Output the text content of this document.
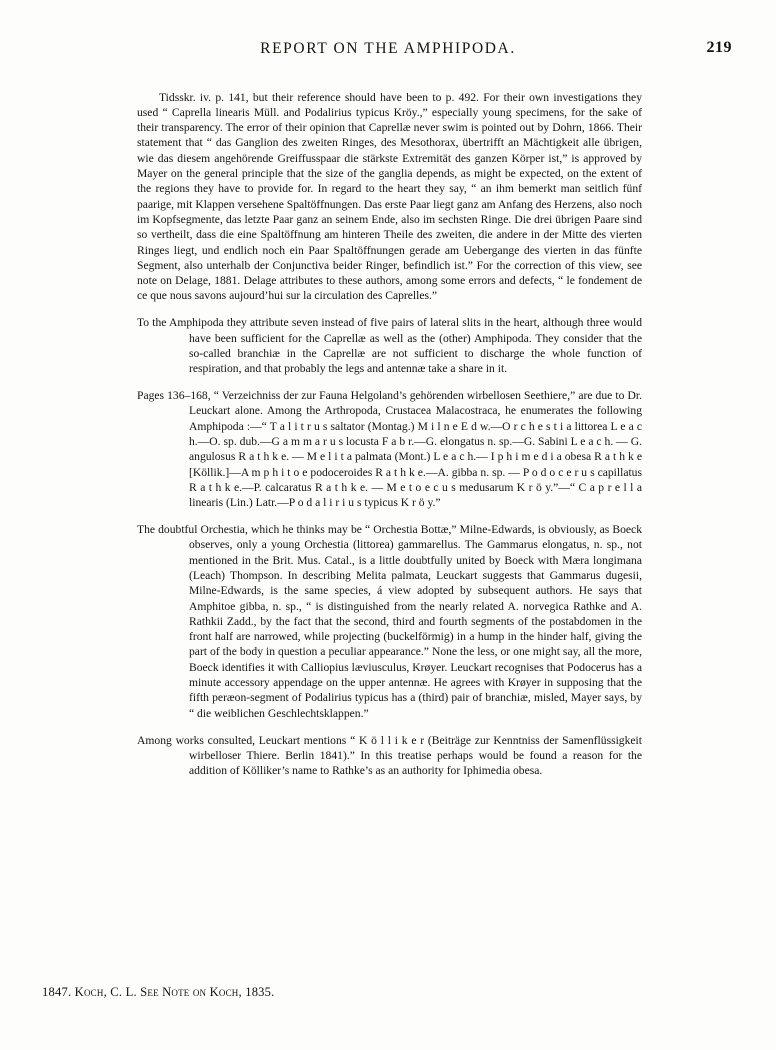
REPORT ON THE AMPHIPODA.	219

Tidsskr. iv. p. 141, but their reference should have been to p. 492. For their own investigations they used “ Caprella linearis Müll. and Podalirius typicus Kröy.,” especially young specimens, for the sake of their transparency. The error of their opinion that Caprellæ never swim is pointed out by Dohrn, 1866. Their statement that “ das Ganglion des zweiten Ringes, des Mesothorax, übertrifft an Mächtigkeit alle übrigen, wie das diesem angehörende Greiffusspaar die stärkste Extremität des ganzen Körper ist,” is approved by Mayer on the general principle that the size of the ganglia depends, as might be expected, on the extent of the regions they have to provide for. In regard to the heart they say, “ an ihm bemerkt man seitlich fünf paarige, mit Klappen versehene Spaltöffnungen. Das erste Paar liegt ganz am Anfang des Herzens, also noch im Kopfsegmente, das letzte Paar ganz an seinem Ende, also im sechsten Ringe. Die drei übrigen Paare sind so vertheilt, dass die eine Spaltöffnung am hinteren Theile des zweiten, die andere in der Mitte des vierten Ringes liegt, und endlich noch ein Paar Spaltöffnungen gerade am Uebergange des vierten in das fünfte Segment, also unterhalb der Conjunctiva beider Ringer, befindlich ist.” For the correction of this view, see note on Delage, 1881. Delage attributes to these authors, among some errors and defects, “ le fondement de ce que nous savons aujourd’hui sur la circulation des Caprelles.”

To the Amphipoda they attribute seven instead of five pairs of lateral slits in the heart, although three would have been sufficient for the Caprellæ as well as the (other) Amphipoda. They consider that the so-called branchiæ in the Caprellæ are not sufficient to discharge the whole function of respiration, and that probably the legs and antennæ take a share in it.

Pages 136–168, “ Verzeichniss der zur Fauna Helgoland’s gehörenden wirbellosen Seethiere,” are due to Dr. Leuckart alone. Among the Arthropoda, Crustacea Malacostraca, he enumerates the following Amphipoda :—“ T a l i t r u s saltator (Montag.) M i l n e E d w.—O r c h e s t i a littorea L e a c h.—O. sp. dub.—G a m m a r u s locusta F a b r.—G. elongatus n. sp.—G. Sabini L e a c h. — G. angulosus R a t h k e. — M e l i t a palmata (Mont.) L e a c h.— I p h i m e d i a obesa R a t h k e [Köllik.]—A m p h i t o e podoceroides R a t h k e.—A. gibba n. sp. — P o d o c e r u s capillatus R a t h k e.—P. calcaratus R a t h k e. — M e t o e c u s medusarum K r ö y.”—“ C a p r e l l a linearis (Lin.) Latr.—P o d a l i r i u s typicus K r ö y.”

The doubtful Orchestia, which he thinks may be “ Orchestia Bottæ,” Milne-Edwards, is obviously, as Boeck observes, only a young Orchestia (littorea) gammarellus. The Gammarus elongatus, n. sp., not mentioned in the Brit. Mus. Catal., is a little doubtfully united by Boeck with Mæra longimana (Leach) Thompson. In describing Melita palmata, Leuckart suggests that Gammarus dugesii, Milne-Edwards, is the same species, á view adopted by subsequent authors. He says that Amphitoe gibba, n. sp., “ is distinguished from the nearly related A. norvegica Rathke and A. Rathkii Zadd., by the fact that the second, third and fourth segments of the postabdomen in the front half are narrowed, while projecting (buckelförmig) in a hump in the hinder half, giving the part of the body in question a peculiar appearance.” None the less, or one might say, all the more, Boeck identifies it with Calliopius læviusculus, Krøyer. Leuckart recognises that Podocerus has a minute accessory appendage on the upper antennæ. He agrees with Krøyer in supposing that the fifth peræon-segment of Podalirius typicus has a (third) pair of branchiæ, misled, Mayer says, by “ die weiblichen Geschlechtsklappen.”

Among works consulted, Leuckart mentions “ K ö l l i k e r (Beiträge zur Kenntniss der Samenflüssigkeit wirbelloser Thiere. Berlin 1841).” In this treatise perhaps would be found a reason for the addition of Kölliker’s name to Rathke’s as an authority for Iphimedia obesa.

1847. Koch, C. L. See Note on Koch, 1835.
